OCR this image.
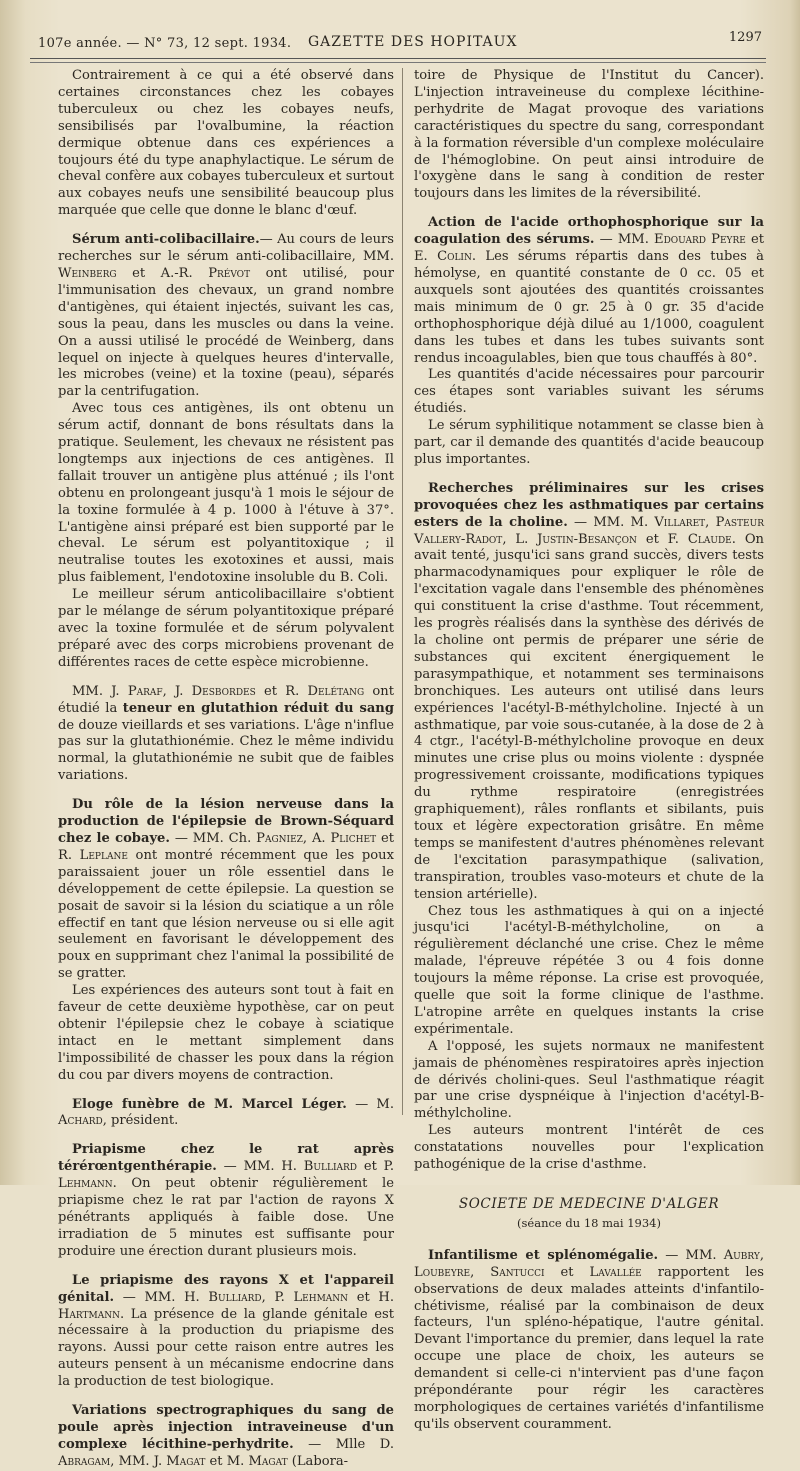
107e année. — N° 73, 12 sept. 1934. GAZETTE DES HOPITAUX	1297

Contrairement à ce qui a été observé dans certaines circonstances chez les cobayes tuberculeux ou chez les cobayes neufs, sensibilisés par l'ovalbumine, la réaction dermique obtenue dans ces expériences a toujours été du type anaphylactique. Le sérum de cheval confère aux cobayes tuberculeux et surtout aux cobayes neufs une sensibilité beaucoup plus marquée que celle que donne le blanc d'œuf.

Sérum anti-colibacillaire.— Au cours de leurs recherches sur le sérum anti-colibacillaire, MM. Weinberg et A.-R. Prévot ont utilisé, pour l'immunisation des chevaux, un grand nombre d'antigènes, qui étaient injectés, suivant les cas, sous la peau, dans les muscles ou dans la veine. On a aussi utilisé le procédé de Weinberg, dans lequel on injecte à quelques heures d'intervalle, les microbes (veine) et la toxine (peau), séparés par la centrifugation.

Avec tous ces antigènes, ils ont obtenu un sérum actif, donnant de bons résultats dans la pratique. Seulement, les chevaux ne résistent pas longtemps aux injections de ces antigènes. Il fallait trouver un antigène plus atténué ; ils l'ont obtenu en prolongeant jusqu'à 1 mois le séjour de la toxine formulée à 4 p. 1000 à l'étuve à 37°. L'antigène ainsi préparé est bien supporté par le cheval. Le sérum est polyantitoxique ; il neutralise toutes les exotoxines et aussi, mais plus faiblement, l'endotoxine insoluble du B. Coli.

Le meilleur sérum anticolibacillaire s'obtient par le mélange de sérum polyantitoxique préparé avec la toxine formulée et de sérum polyvalent préparé avec des corps microbiens provenant de différentes races de cette espèce microbienne.

MM. J. Paraf, J. Desbordes et R. Delétang ont étudié la teneur en glutathion réduit du sang de douze vieillards et ses variations. L'âge n'influe pas sur la glutathionémie. Chez le même individu normal, la glutathionémie ne subit que de faibles variations.

Du rôle de la lésion nerveuse dans la production de l'épilepsie de Brown-Séquard chez le cobaye. — MM. Ch. Pagniez, A. Plichet et R. Leplane ont montré récemment que les poux paraissaient jouer un rôle essentiel dans le développement de cette épilepsie. La question se posait de savoir si la lésion du sciatique a un rôle effectif en tant que lésion nerveuse ou si elle agit seulement en favorisant le développement des poux en supprimant chez l'animal la possibilité de se gratter.

Les expériences des auteurs sont tout à fait en faveur de cette deuxième hypothèse, car on peut obtenir l'épilepsie chez le cobaye à sciatique intact en le mettant simplement dans l'impossibilité de chasser les poux dans la région du cou par divers moyens de contraction.

Eloge funèbre de M. Marcel Léger. — M. Achard, président.

Priapisme chez le rat après térérœntgenthérapie. — MM. H. Bulliard et P. Lehmann. On peut obtenir régulièrement le priapisme chez le rat par l'action de rayons X pénétrants appliqués à faible dose. Une irradiation de 5 minutes est suffisante pour produire une érection durant plusieurs mois.

Le priapisme des rayons X et l'appareil génital. — MM. H. Bulliard, P. Lehmann et H. Hartmann. La présence de la glande génitale est nécessaire à la production du priapisme des rayons. Aussi pour cette raison entre autres les auteurs pensent à un mécanisme endocrine dans la production de test biologique.

Variations spectrographiques du sang de poule après injection intraveineuse d'un complexe lécithine-perhydrite. — Mlle D. Abragam, MM. J. Magat et M. Magat (Labora-

toire de Physique de l'Institut du Cancer). L'injection intraveineuse du complexe lécithine-perhydrite de Magat provoque des variations caractéristiques du spectre du sang, correspondant à la formation réversible d'un complexe moléculaire de l'hémoglobine. On peut ainsi introduire de l'oxygène dans le sang à condition de rester toujours dans les limites de la réversibilité.

Action de l'acide orthophosphorique sur la coagulation des sérums. — MM. Edouard Peyre et E. Colin. Les sérums répartis dans des tubes à hémolyse, en quantité constante de 0 cc. 05 et auxquels sont ajoutées des quantités croissantes mais minimum de 0 gr. 25 à 0 gr. 35 d'acide orthophosphorique déjà dilué au 1/1000, coagulent dans les tubes et dans les tubes suivants sont rendus incoagulables, bien que tous chauffés à 80°.

Les quantités d'acide nécessaires pour parcourir ces étapes sont variables suivant les sérums étudiés.

Le sérum syphilitique notamment se classe bien à part, car il demande des quantités d'acide beaucoup plus importantes.

Recherches préliminaires sur les crises provoquées chez les asthmatiques par certains esters de la choline. — MM. M. Villaret, Pasteur Vallery-Radot, L. Justin-Besançon et F. Claude. On avait tenté, jusqu'ici sans grand succès, divers tests pharmacodynamiques pour expliquer le rôle de l'excitation vagale dans l'ensemble des phénomènes qui constituent la crise d'asthme. Tout récemment, les progrès réalisés dans la synthèse des dérivés de la choline ont permis de préparer une série de substances qui excitent énergiquement le parasympathique, et notamment ses terminaisons bronchiques. Les auteurs ont utilisé dans leurs expériences l'acétyl-B-méthylcholine. Injecté à un asthmatique, par voie sous-cutanée, à la dose de 2 à 4 ctgr., l'acétyl-B-méthylcholine provoque en deux minutes une crise plus ou moins violente : dyspnée progressivement croissante, modifications typiques du rythme respiratoire (enregistrées graphiquement), râles ronflants et sibilants, puis toux et légère expectoration grisâtre. En même temps se manifestent d'autres phénomènes relevant de l'excitation parasympathique (salivation, transpiration, troubles vaso-moteurs et chute de la tension artérielle).

Chez tous les asthmatiques à qui on a injecté jusqu'ici l'acétyl-B-méthylcholine, on a régulièrement déclanché une crise. Chez le même malade, l'épreuve répétée 3 ou 4 fois donne toujours la même réponse. La crise est provoquée, quelle que soit la forme clinique de l'asthme. L'atropine arrête en quelques instants la crise expérimentale.

A l'opposé, les sujets normaux ne manifestent jamais de phénomènes respiratoires après injection de dérivés cholini-ques. Seul l'asthmatique réagit par une crise dyspnéique à l'injection d'acétyl-B-méthylcholine.

Les auteurs montrent l'intérêt de ces constatations nouvelles pour l'explication pathogénique de la crise d'asthme.

SOCIETE DE MEDECINE D'ALGER
(séance du 18 mai 1934)

Infantilisme et splénomégalie. — MM. Aubry, Loubeyre, Santucci et Lavallée rapportent les observations de deux malades atteints d'infantilo-chétivisme, réalisé par la combinaison de deux facteurs, l'un spléno-hépatique, l'autre génital. Devant l'importance du premier, dans lequel la rate occupe une place de choix, les auteurs se demandent si celle-ci n'intervient pas d'une façon prépondérante pour régir les caractères morphologiques de certaines variétés d'infantilisme qu'ils observent couramment.
